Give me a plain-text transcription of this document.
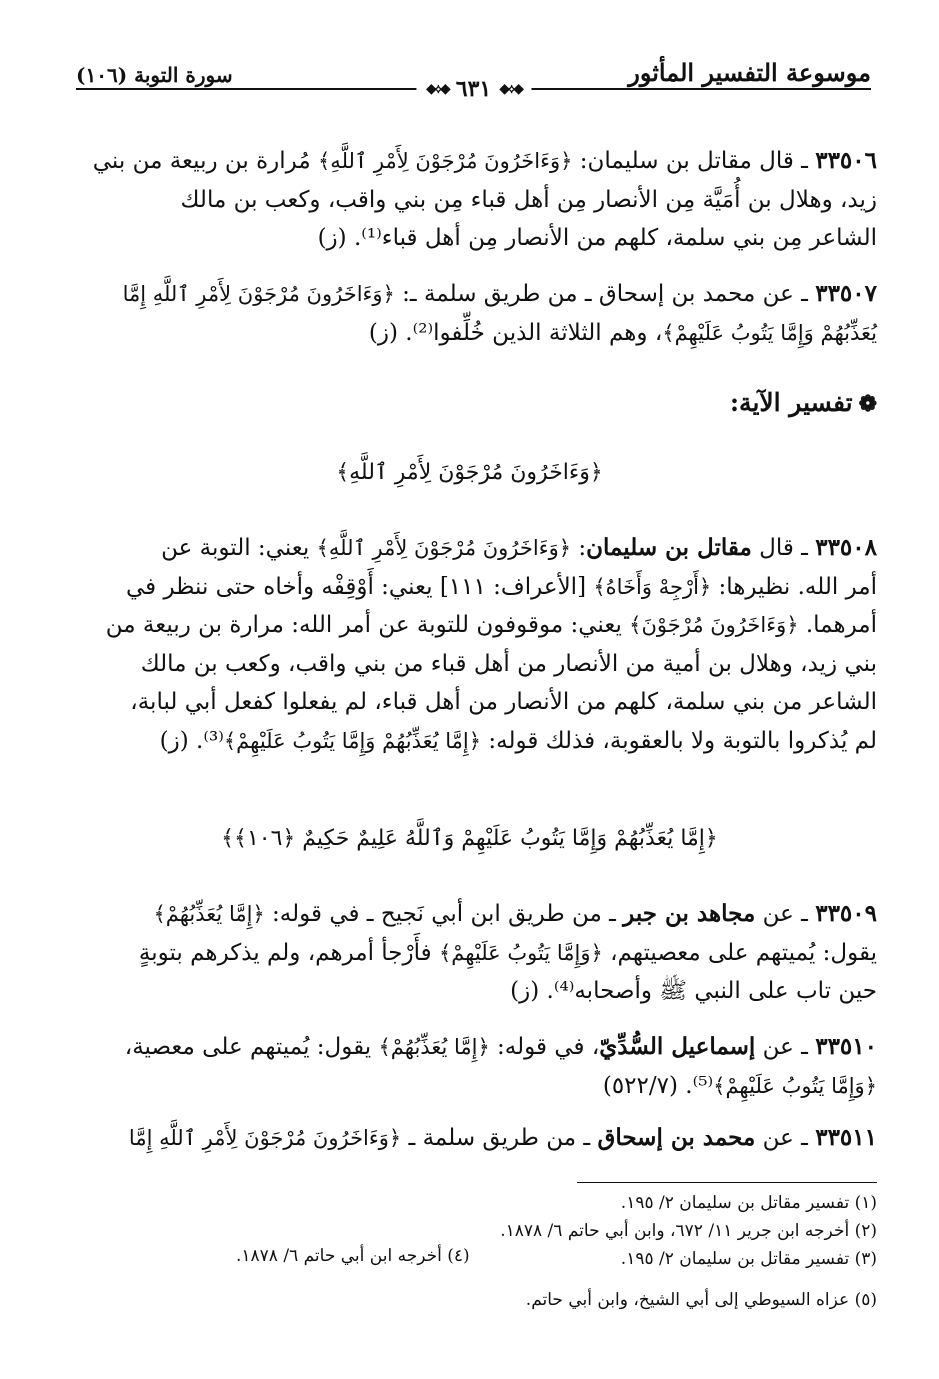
موسوعة التفسير المأثور
◆⟡◆
٦٣١
◆⟡◆
سورة التوبة (١٠٦)
٣٣٥٠٦ ـ قال مقاتل بن سليمان: ﴿وَءَاخَرُونَ مُرْجَوْنَ لِأَمْرِ ٱللَّهِ﴾ مُرارة بن ربيعة من بني
زيد، وهلال بن أُمَيَّة مِن الأنصار مِن أهل قباء مِن بني واقب، وكعب بن مالك
الشاعر مِن بني سلمة، كلهم من الأنصار مِن أهل قباء⁽¹⁾. (ز)
٣٣٥٠٧ ـ عن محمد بن إسحاق ـ من طريق سلمة ـ: ﴿وَءَاخَرُونَ مُرْجَوْنَ لِأَمْرِ ٱللَّهِ إِمَّا
يُعَذِّبُهُمْ وَإِمَّا يَتُوبُ عَلَيْهِمْ﴾، وهم الثلاثة الذين خُلِّفوا⁽²⁾. (ز)
❁تفسير الآية:
﴿وَءَاخَرُونَ مُرْجَوْنَ لِأَمْرِ ٱللَّهِ﴾
٣٣٥٠٨ ـ قال مقاتل بن سليمان: ﴿وَءَاخَرُونَ مُرْجَوْنَ لِأَمْرِ ٱللَّهِ﴾ يعني: التوبة عن
أمر الله. نظيرها: ﴿أَرْجِهْ وَأَخَاهُ﴾ [الأعراف: ١١١] يعني: أَوْقِفْه وأخاه حتى ننظر في
أمرهما. ﴿وَءَاخَرُونَ مُرْجَوْنَ﴾ يعني: موقوفون للتوبة عن أمر الله: مرارة بن ربيعة من
بني زيد، وهلال بن أمية من الأنصار من أهل قباء من بني واقب، وكعب بن مالك
الشاعر من بني سلمة، كلهم من الأنصار من أهل قباء، لم يفعلوا كفعل أبي لبابة،
لم يُذكروا بالتوبة ولا بالعقوبة، فذلك قوله: ﴿إِمَّا يُعَذِّبُهُمْ وَإِمَّا يَتُوبُ عَلَيْهِمْ﴾⁽³⁾. (ز)
﴿إِمَّا يُعَذِّبُهُمْ وَإِمَّا يَتُوبُ عَلَيْهِمْ وَٱللَّهُ عَلِيمٌ حَكِيمٌ ﴿١٠٦﴾﴾
٣٣٥٠٩ ـ عن مجاهد بن جبر ـ من طريق ابن أبي نَجيح ـ في قوله: ﴿إِمَّا يُعَذِّبُهُمْ﴾
يقول: يُميتهم على معصيتهم، ﴿وَإِمَّا يَتُوبُ عَلَيْهِمْ﴾ فأَرْجأ أمرهم، ولم يذكرهم بتوبةٍ
حين تاب على النبي ﷺ وأصحابه⁽⁴⁾. (ز)
٣٣٥١٠ ـ عن إسماعيل السُّدِّيّ، في قوله: ﴿إِمَّا يُعَذِّبُهُمْ﴾ يقول: يُميتهم على معصية،
﴿وَإِمَّا يَتُوبُ عَلَيْهِمْ﴾⁽⁵⁾. (٥٢٢/٧)
٣٣٥١١ ـ عن محمد بن إسحاق ـ من طريق سلمة ـ ﴿وَءَاخَرُونَ مُرْجَوْنَ لِأَمْرِ ٱللَّهِ إِمَّا
(١) تفسير مقاتل بن سليمان ٢/ ١٩٥.
(٢) أخرجه ابن جرير ١١/ ٦٧٢، وابن أبي حاتم ٦/ ١٨٧٨.
(٣) تفسير مقاتل بن سليمان ٢/ ١٩٥.
(٤) أخرجه ابن أبي حاتم ٦/ ١٨٧٨.
(٥) عزاه السيوطي إلى أبي الشيخ، وابن أبي حاتم.
